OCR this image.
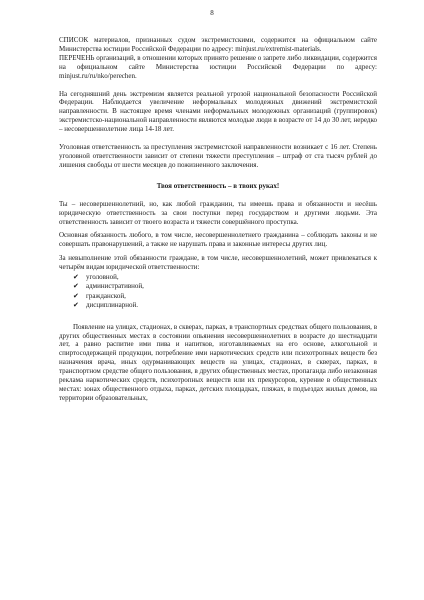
8

СПИСОК материалов, признанных судом экстремистскими, содержится на официальном сайте Министерства юстиции Российской Федерации по адресу: minjust.ru/extremist-materials.

ПЕРЕЧЕНЬ организаций, в отношении которых принято решение о запрете либо ликвидации, содержится на официальном сайте Министерства юстиции Российской Федерации по адресу: minjust.ru/ru/nko/perechen.

На сегодняшний день экстремизм является реальной угрозой национальной безопасности Российской Федерации. Наблюдается увеличение неформальных молодежных движений экстремистской направленности. В настоящее время членами неформальных молодежных организаций (группировок) экстремистско-национальной направленности являются молодые люди в возрасте от 14 до 30 лет, нередко – несовершеннолетние лица 14-18 лет.

Уголовная ответственность за преступления экстремистской направленности возникает с 16 лет. Степень уголовной ответственности зависит от степени тяжести преступления – штраф от ста тысяч рублей до лишения свободы от шести месяцев до пожизненного заключения.

Твоя ответственность – в твоих руках!

Ты – несовершеннолетний, но, как любой гражданин, ты имеешь права и обязанности и несёшь юридическую ответственность за свои поступки перед государством и другими людьми. Эта ответственность зависит от твоего возраста и тяжести совершённого проступка.

Основная обязанность любого, в том числе, несовершеннолетнего гражданина – соблюдать законы и не совершать правонарушений, а также не нарушать права и законные интересы других лиц.

За невыполнение этой обязанности граждане, в том числе, несовершеннолетний, может привлекаться к четырём видам юридической ответственности:

✔ уголовной,
✔ административной,
✔ гражданской,
✔ дисциплинарной.

Появление на улицах, стадионах, в скверах, парках, в транспортных средствах общего пользования, в других общественных местах в состоянии опьянения несовершеннолетних в возрасте до шестнадцати лет, а равно распитие ими пива и напитков, изготавливаемых на его основе, алкогольной и спиртосодержащей продукции, потребление ими наркотических средств или психотропных веществ без назначения врача, иных одурманивающих веществ на улицах, стадионах, в скверах, парках, в транспортном средстве общего пользования, в других общественных местах, пропаганда либо незаконная реклама наркотических средств, психотропных веществ или их прекурсоров, курение в общественных местах: зонах общественного отдыха, парках, детских площадках, пляжах, в подъездах жилых домов, на территории образовательных,
